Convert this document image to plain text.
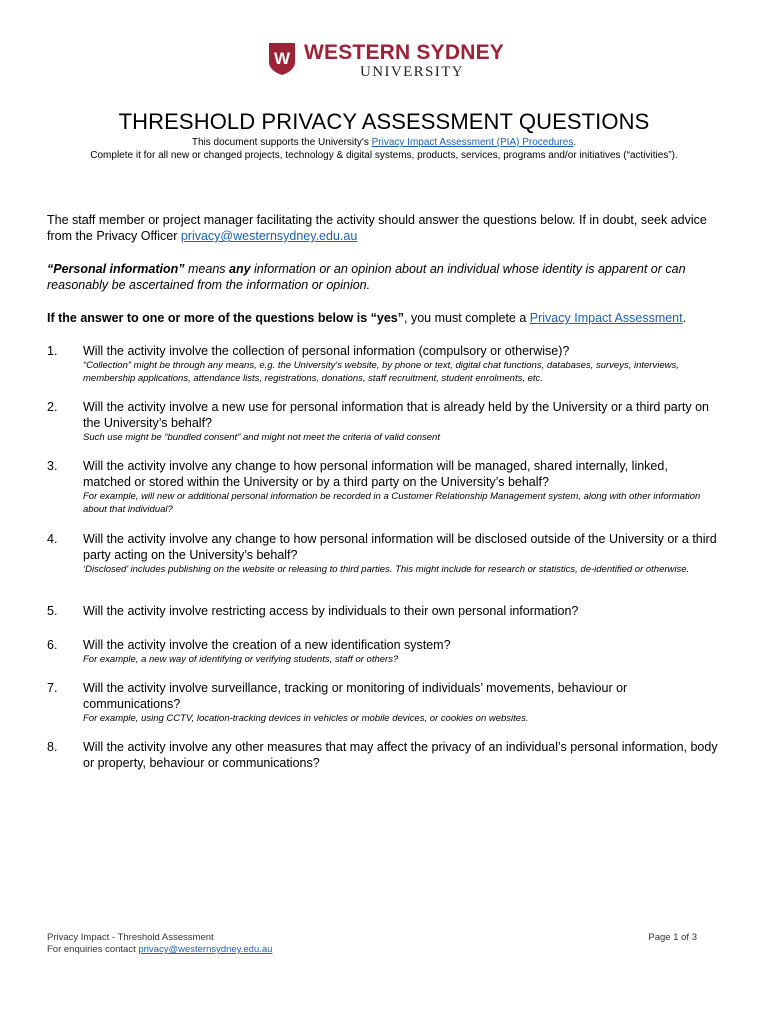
W WESTERN SYDNEY
UNIVERSITY
THRESHOLD PRIVACY ASSESSMENT QUESTIONS
This document supports the University's Privacy Impact Assessment (PIA) Procedures.
Complete it for all new or changed projects, technology & digital systems, products, services, programs and/or initiatives (“activities”).
The staff member or project manager facilitating the activity should answer the questions below. If in doubt, seek advice from the Privacy Officer privacy@westernsydney.edu.au
“Personal information” means any information or an opinion about an individual whose identity is apparent or can reasonably be ascertained from the information or opinion.
If the answer to one or more of the questions below is “yes”, you must complete a Privacy Impact Assessment.
1. Will the activity involve the collection of personal information (compulsory or otherwise)?
“Collection” might be through any means, e.g. the University's website, by phone or text, digital chat functions, databases, surveys, interviews, membership applications, attendance lists, registrations, donations, staff recruitment, student enrolments, etc.
2. Will the activity involve a new use for personal information that is already held by the University or a third party on the University’s behalf?
Such use might be “bundled consent” and might not meet the criteria of valid consent
3. Will the activity involve any change to how personal information will be managed, shared internally, linked, matched or stored within the University or by a third party on the University’s behalf?
For example, will new or additional personal information be recorded in a Customer Relationship Management system, along with other information about that individual?
4. Will the activity involve any change to how personal information will be disclosed outside of the University or a third party acting on the University’s behalf?
‘Disclosed’ includes publishing on the website or releasing to third parties. This might include for research or statistics, de-identified or otherwise.
5. Will the activity involve restricting access by individuals to their own personal information?
6. Will the activity involve the creation of a new identification system?
For example, a new way of identifying or verifying students, staff or others?
7. Will the activity involve surveillance, tracking or monitoring of individuals’ movements, behaviour or communications?
For example, using CCTV, location-tracking devices in vehicles or mobile devices, or cookies on websites.
8. Will the activity involve any other measures that may affect the privacy of an individual’s personal information, body or property, behaviour or communications?
Privacy Impact - Threshold Assessment
For enquiries contact privacy@westernsydney.edu.au
Page 1 of 3
